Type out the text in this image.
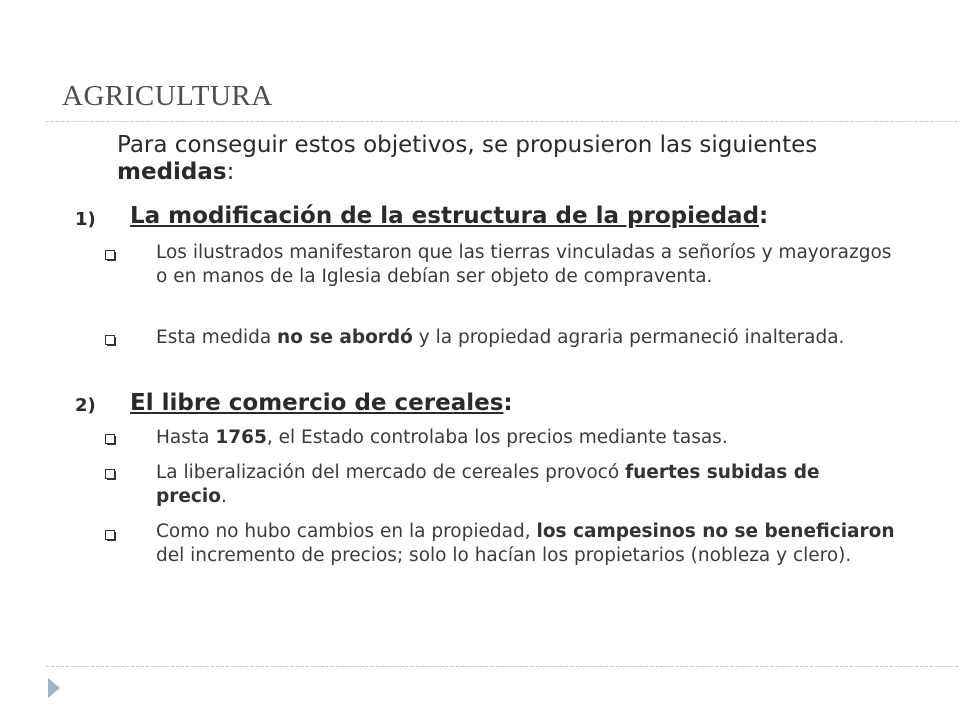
AGRICULTURA
Para conseguir estos objetivos, se propusieron las siguientes medidas:
1) La modificación de la estructura de la propiedad:
Los ilustrados manifestaron que las tierras vinculadas a señoríos y mayorazgos o en manos de la Iglesia debían ser objeto de compraventa.
Esta medida no se abordó y la propiedad agraria permaneció inalterada.
2) El libre comercio de cereales:
Hasta 1765, el Estado controlaba los precios mediante tasas.
La liberalización del mercado de cereales provocó fuertes subidas de precio.
Como no hubo cambios en la propiedad, los campesinos no se beneficiaron del incremento de precios; solo lo hacían los propietarios (nobleza y clero).
